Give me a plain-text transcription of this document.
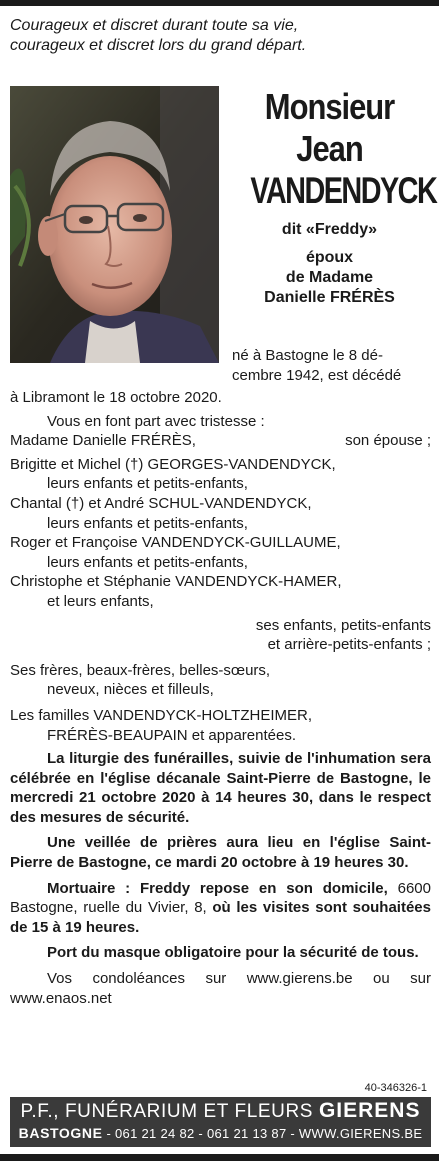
Courageux et discret durant toute sa vie,
courageux et discret lors du grand départ.
Monsieur
Jean
VANDENDYCK
dit «Freddy»
époux
de Madame
Danielle FRÉRÈS
né à Bastogne le 8 dé-
cembre 1942, est décédé

à Libramont le 18 octobre 2020.

Vous en font part avec tristesse :

Madame Danielle FRÉRÈS,	son épouse ;

Brigitte et Michel (†) GEORGES-VANDENDYCK,

leurs enfants et petits-enfants,

Chantal (†) et André SCHUL-VANDENDYCK,

leurs enfants et petits-enfants,

Roger et Françoise VANDENDYCK-GUILLAUME,

leurs enfants et petits-enfants,

Christophe et Stéphanie VANDENDYCK-HAMER,

et leurs enfants,

ses enfants, petits-enfants

et arrière-petits-enfants ;

Ses frères, beaux-frères, belles-sœurs,

neveux, nièces et filleuls,

Les familles VANDENDYCK-HOLTZHEIMER,

FRÉRÈS-BEAUPAIN et apparentées.

La liturgie des funérailles, suivie de l'inhumation sera célébrée en l'église décanale Saint-Pierre de Bastogne, le mercredi 21 octobre 2020 à 14 heures 30, dans le respect des mesures de sécurité.

Une veillée de prières aura lieu en l'église Saint-Pierre de Bastogne, ce mardi 20 octobre à 19 heures 30.

Mortuaire : Freddy repose en son domicile, 6600 Bastogne, ruelle du Vivier, 8, où les visites sont souhaitées de 15 à 19 heures.

Port du masque obligatoire pour la sécurité de tous.

Vos condoléances sur www.gierens.be ou sur www.enaos.net

40-346326-1
P.F., FUNÉRARIUM ET FLEURS GIERENS
BASTOGNE - 061 21 24 82 - 061 21 13 87 - WWW.GIERENS.BE
